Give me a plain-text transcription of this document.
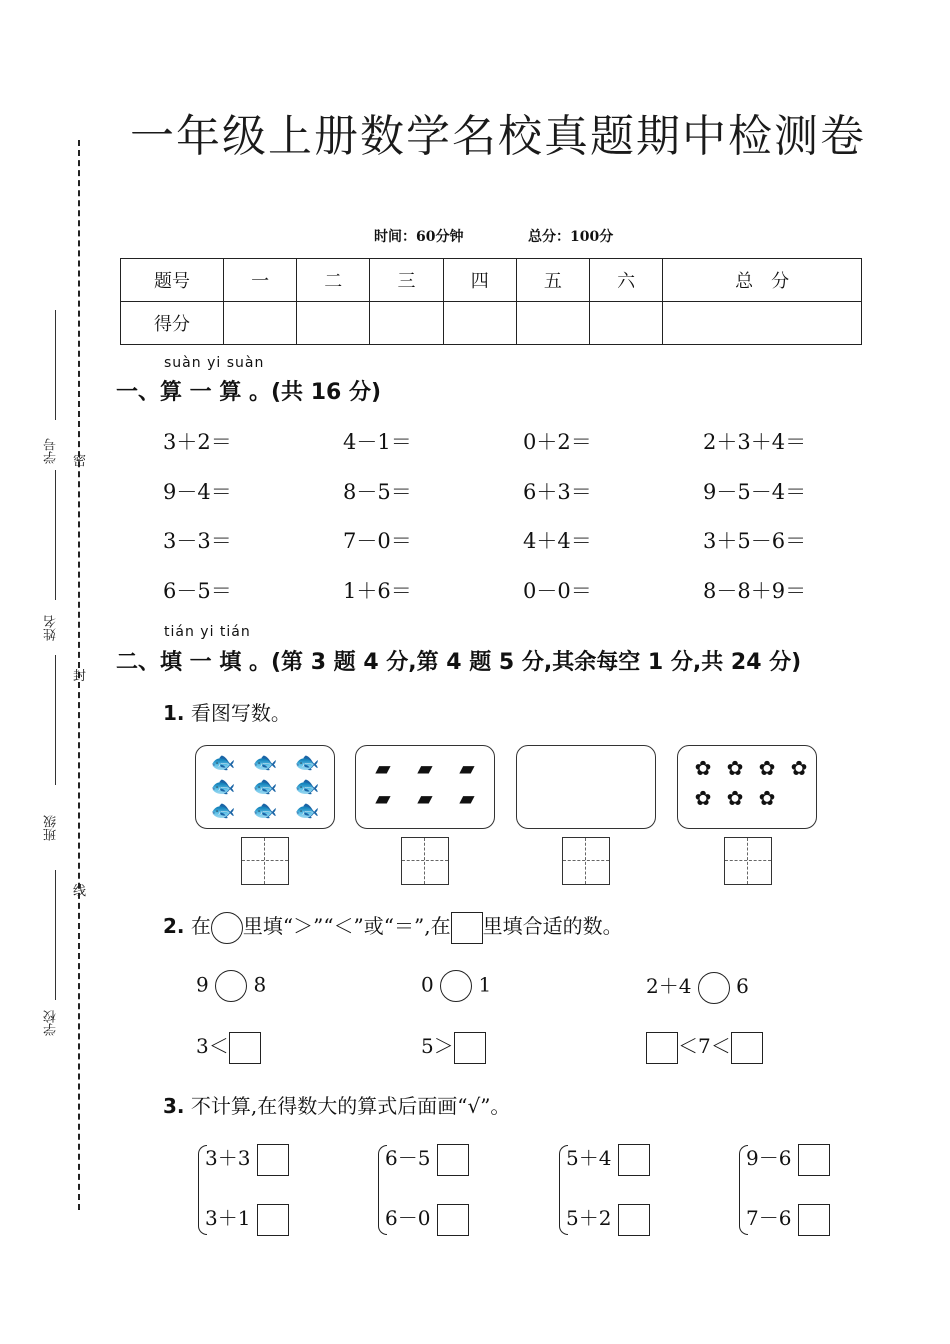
一年级上册数学名校真题期中检测卷
密
封
线
学号
姓名
班级
学校
时间：60分钟	总分：100分
题号	一	二	三	四	五	六	总　分
得分							
suàn yi suàn
一、算 一 算 。(共 16 分)
3＋2＝	4－1＝	0＋2＝	2＋3＋4＝
9－4＝	8－5＝	6＋3＝	9－5－4＝
3－3＝	7－0＝	4＋4＝	3＋5－6＝
6－5＝	1＋6＝	0－0＝	8－8＋9＝
tián yi tián
二、填 一 填 。(第 3 题 4 分,第 4 题 5 分,其余每空 1 分,共 24 分)
1. 看图写数。
🐟 🐟 🐟
🐟 🐟 🐟
🐟 🐟 🐟
▰	▰	▰
▰	▰	▰
✿ ✿ ✿ ✿
✿ ✿ ✿
2. 在 里填“＞”“＜”或“＝”,在 里填合适的数。
9 8	0 1	2＋4 6
3＜	5＞	＜7＜
3. 不计算,在得数大的算式后面画“√”。
3＋3
3＋1
6－5
6－0
5＋4
5＋2
9－6
7－6
